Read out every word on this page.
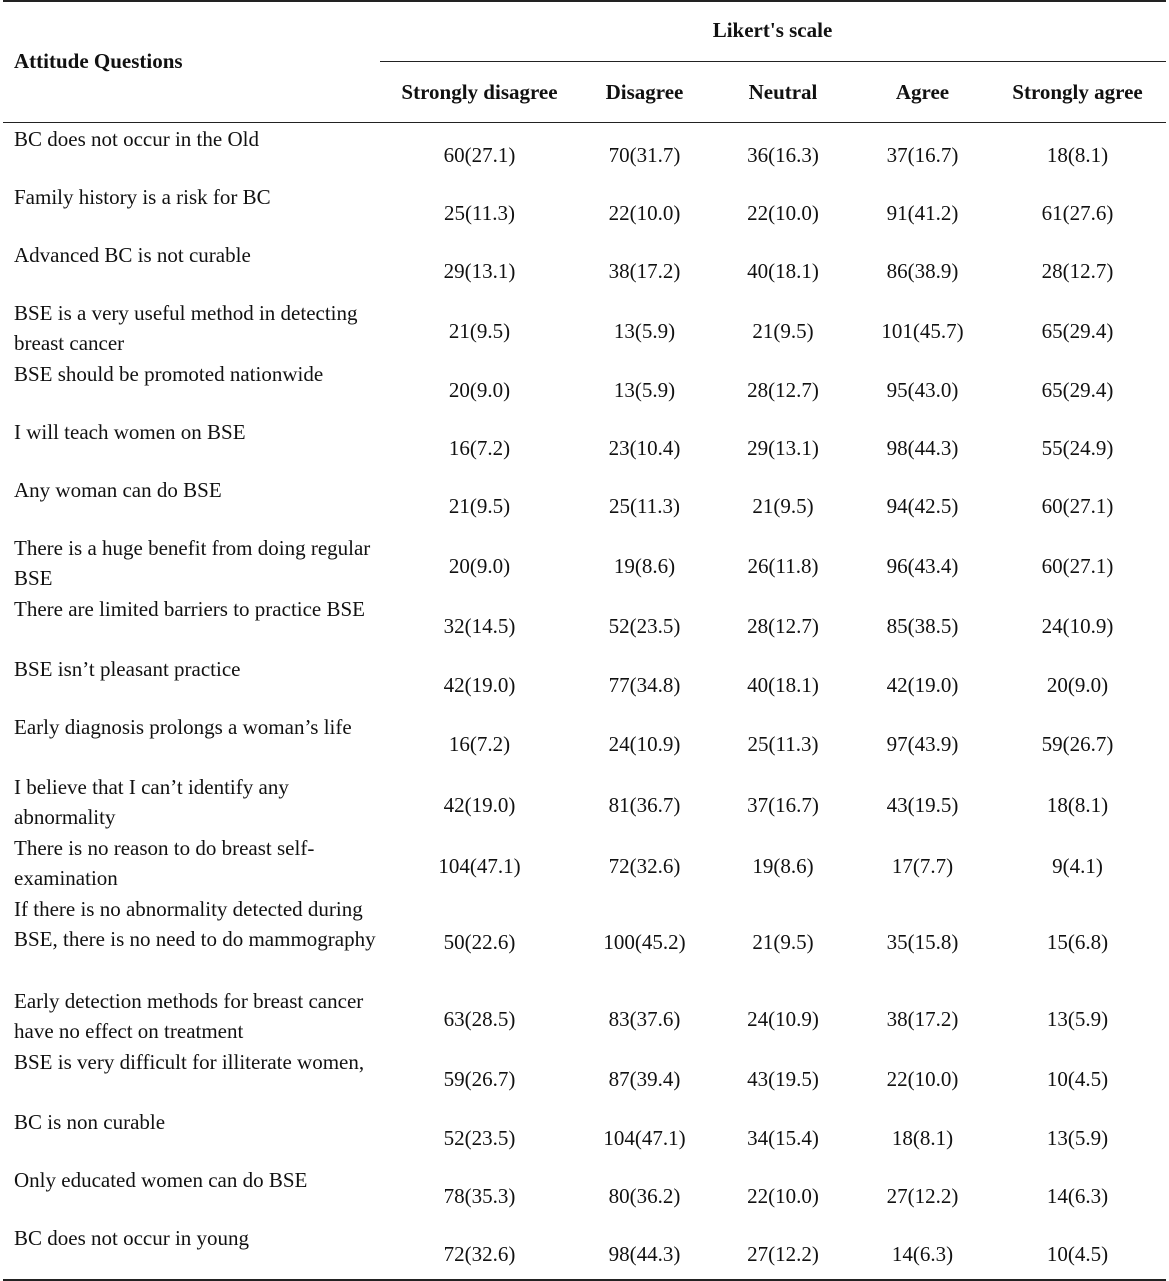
Attitude Questions	Likert's scale				
	Strongly disagree	Disagree	Neutral	Agree	Strongly agree
BC does not occur in the Old	60(27.1)	70(31.7)	36(16.3)	37(16.7)	18(8.1)
Family history is a risk for BC	25(11.3)	22(10.0)	22(10.0)	91(41.2)	61(27.6)
Advanced BC is not curable	29(13.1)	38(17.2)	40(18.1)	86(38.9)	28(12.7)
BSE is a very useful method in detecting breast cancer	21(9.5)	13(5.9)	21(9.5)	101(45.7)	65(29.4)
BSE should be promoted nationwide	20(9.0)	13(5.9)	28(12.7)	95(43.0)	65(29.4)
I will teach women on BSE	16(7.2)	23(10.4)	29(13.1)	98(44.3)	55(24.9)
Any woman can do BSE	21(9.5)	25(11.3)	21(9.5)	94(42.5)	60(27.1)
There is a huge benefit from doing regular BSE	20(9.0)	19(8.6)	26(11.8)	96(43.4)	60(27.1)
There are limited barriers to practice BSE	32(14.5)	52(23.5)	28(12.7)	85(38.5)	24(10.9)
BSE isn’t pleasant practice	42(19.0)	77(34.8)	40(18.1)	42(19.0)	20(9.0)
Early diagnosis prolongs a woman’s life	16(7.2)	24(10.9)	25(11.3)	97(43.9)	59(26.7)
I believe that I can’t identify any abnormality	42(19.0)	81(36.7)	37(16.7)	43(19.5)	18(8.1)
There is no reason to do breast self-examination	104(47.1)	72(32.6)	19(8.6)	17(7.7)	9(4.1)
If there is no abnormality detected during BSE, there is no need to do mammography	50(22.6)	100(45.2)	21(9.5)	35(15.8)	15(6.8)
Early detection methods for breast cancer have no effect on treatment	63(28.5)	83(37.6)	24(10.9)	38(17.2)	13(5.9)
BSE is very difficult for illiterate women,	59(26.7)	87(39.4)	43(19.5)	22(10.0)	10(4.5)
BC is non curable	52(23.5)	104(47.1)	34(15.4)	18(8.1)	13(5.9)
Only educated women can do BSE	78(35.3)	80(36.2)	22(10.0)	27(12.2)	14(6.3)
BC does not occur in young	72(32.6)	98(44.3)	27(12.2)	14(6.3)	10(4.5)
